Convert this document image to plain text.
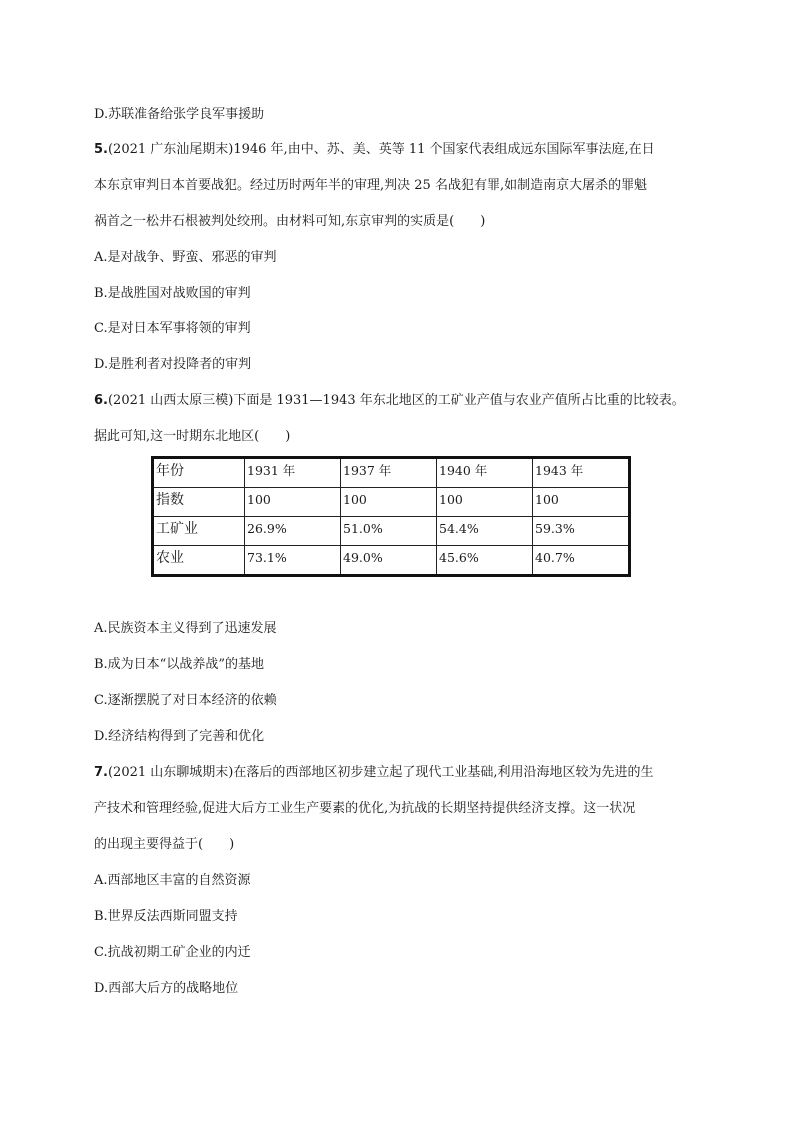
D.苏联准备给张学良军事援助
5.(2021 广东汕尾期末)1946 年,由中、苏、美、英等 11 个国家代表组成远东国际军事法庭,在日
本东京审判日本首要战犯。经过历时两年半的审理,判决 25 名战犯有罪,如制造南京大屠杀的罪魁
祸首之一松井石根被判处绞刑。由材料可知,东京审判的实质是(　　)
A.是对战争、野蛮、邪恶的审判
B.是战胜国对战败国的审判
C.是对日本军事将领的审判
D.是胜利者对投降者的审判
6.(2021 山西太原三模)下面是 1931—1943 年东北地区的工矿业产值与农业产值所占比重的比较表。
据此可知,这一时期东北地区(　　)
年份	1931 年	1937 年	1940 年	1943 年
指数	100	100	100	100
工矿业	26.9%	51.0%	54.4%	59.3%
农业	73.1%	49.0%	45.6%	40.7%
A.民族资本主义得到了迅速发展
B.成为日本“以战养战”的基地
C.逐渐摆脱了对日本经济的依赖
D.经济结构得到了完善和优化
7.(2021 山东聊城期末)在落后的西部地区初步建立起了现代工业基础,利用沿海地区较为先进的生
产技术和管理经验,促进大后方工业生产要素的优化,为抗战的长期坚持提供经济支撑。这一状况
的出现主要得益于(　　)
A.西部地区丰富的自然资源
B.世界反法西斯同盟支持
C.抗战初期工矿企业的内迁
D.西部大后方的战略地位
